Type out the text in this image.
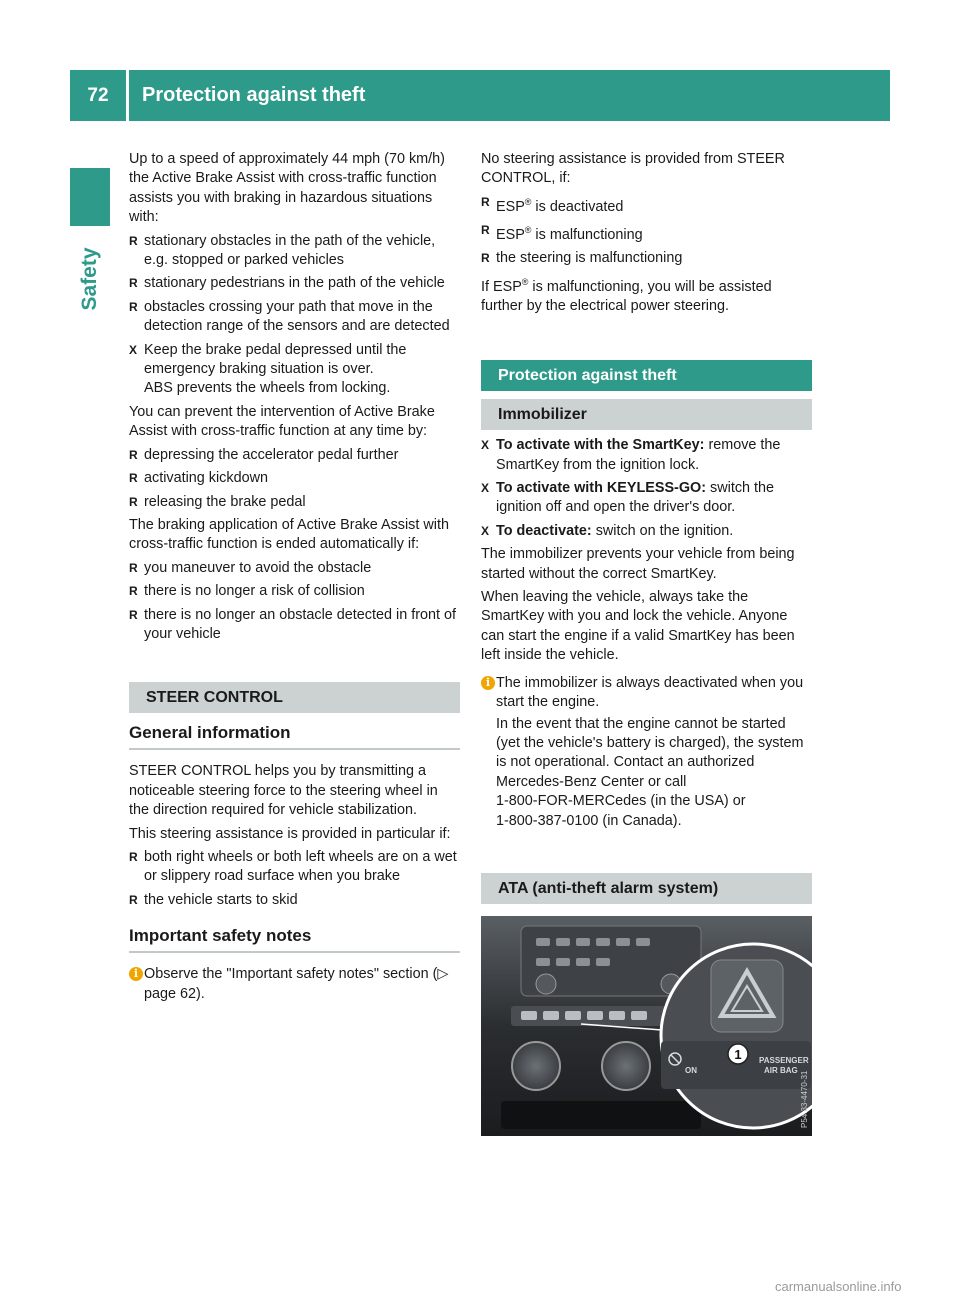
72	Protection against theft
Safety
Up to a speed of approximately 44 mph (70 km/h) the Active Brake Assist with cross-traffic function assists you with braking in hazardous situations with:
R stationary obstacles in the path of the vehicle, e.g. stopped or parked vehicles
R stationary pedestrians in the path of the vehicle
R obstacles crossing your path that move in the detection range of the sensors and are detected
X Keep the brake pedal depressed until the emergency braking situation is over.
ABS prevents the wheels from locking.
You can prevent the intervention of Active Brake Assist with cross-traffic function at any time by:
R depressing the accelerator pedal further
R activating kickdown
R releasing the brake pedal
The braking application of Active Brake Assist with cross-traffic function is ended automatically if:
R you maneuver to avoid the obstacle
R there is no longer a risk of collision
R there is no longer an obstacle detected in front of your vehicle
STEER CONTROL
General information
STEER CONTROL helps you by transmitting a noticeable steering force to the steering wheel in the direction required for vehicle stabilization.
This steering assistance is provided in particular if:
R both right wheels or both left wheels are on a wet or slippery road surface when you brake
R the vehicle starts to skid
Important safety notes
i Observe the "Important safety notes" section (▷ page 62).
No steering assistance is provided from STEER CONTROL, if:
R ESP® is deactivated
R ESP® is malfunctioning
R the steering is malfunctioning
If ESP® is malfunctioning, you will be assisted further by the electrical power steering.
Protection against theft
Immobilizer
X To activate with the SmartKey: remove the SmartKey from the ignition lock.
X To activate with KEYLESS-GO: switch the ignition off and open the driver's door.
X To deactivate: switch on the ignition.
The immobilizer prevents your vehicle from being started without the correct SmartKey.
When leaving the vehicle, always take the SmartKey with you and lock the vehicle. Anyone can start the engine if a valid SmartKey has been left inside the vehicle.
i The immobilizer is always deactivated when you start the engine.
In the event that the engine cannot be started (yet the vehicle's battery is charged), the system is not operational. Contact an authorized Mercedes-Benz Center or call
1-800-FOR-MERCedes (in the USA) or
1-800-387-0100 (in Canada).
ATA (anti-theft alarm system)
ON
PASSENGER
AIR BAG
1
P54.33-4470-31
carmanualsonline.info
